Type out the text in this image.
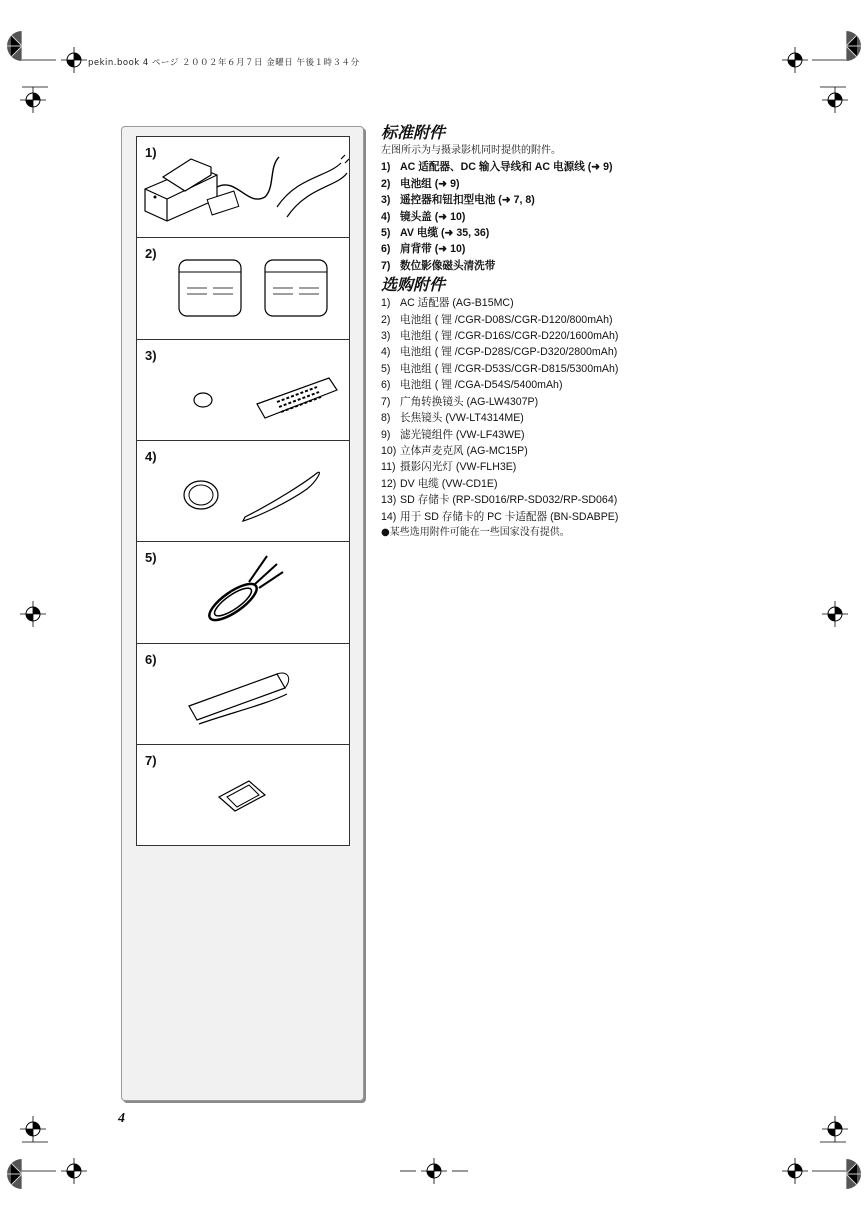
pekin.book 4 ページ ２００２年６月７日 金曜日 午後１時３４分
1)
2)
3)
4)
5)
6)
7)
4
标准附件
左图所示为与摄录影机同时提供的附件。
1) AC 适配器、DC 输入导线和 AC 电源线 (➜ 9)
2) 电池组 (➜ 9)
3) 遥控器和钮扣型电池 (➜ 7, 8)
4) 镜头盖 (➜ 10)
5) AV 电缆 (➜ 35, 36)
6) 肩背带 (➜ 10)
7) 数位影像磁头清洗带
选购附件
1) AC 适配器 (AG-B15MC)
2) 电池组 ( 锂 /CGR-D08S/CGR-D120/800mAh)
3) 电池组 ( 锂 /CGR-D16S/CGR-D220/1600mAh)
4) 电池组 ( 锂 /CGP-D28S/CGP-D320/2800mAh)
5) 电池组 ( 锂 /CGR-D53S/CGR-D815/5300mAh)
6) 电池组 ( 锂 /CGA-D54S/5400mAh)
7) 广角转换镜头 (AG-LW4307P)
8) 长焦镜头 (VW-LT4314ME)
9) 滤光镜组件 (VW-LF43WE)
10) 立体声麦克风 (AG-MC15P)
11) 摄影闪光灯 (VW-FLH3E)
12) DV 电缆 (VW-CD1E)
13) SD 存储卡 (RP-SD016/RP-SD032/RP-SD064)
14) 用于 SD 存储卡的 PC 卡适配器 (BN-SDABPE)
●某些选用附件可能在一些国家没有提供。
